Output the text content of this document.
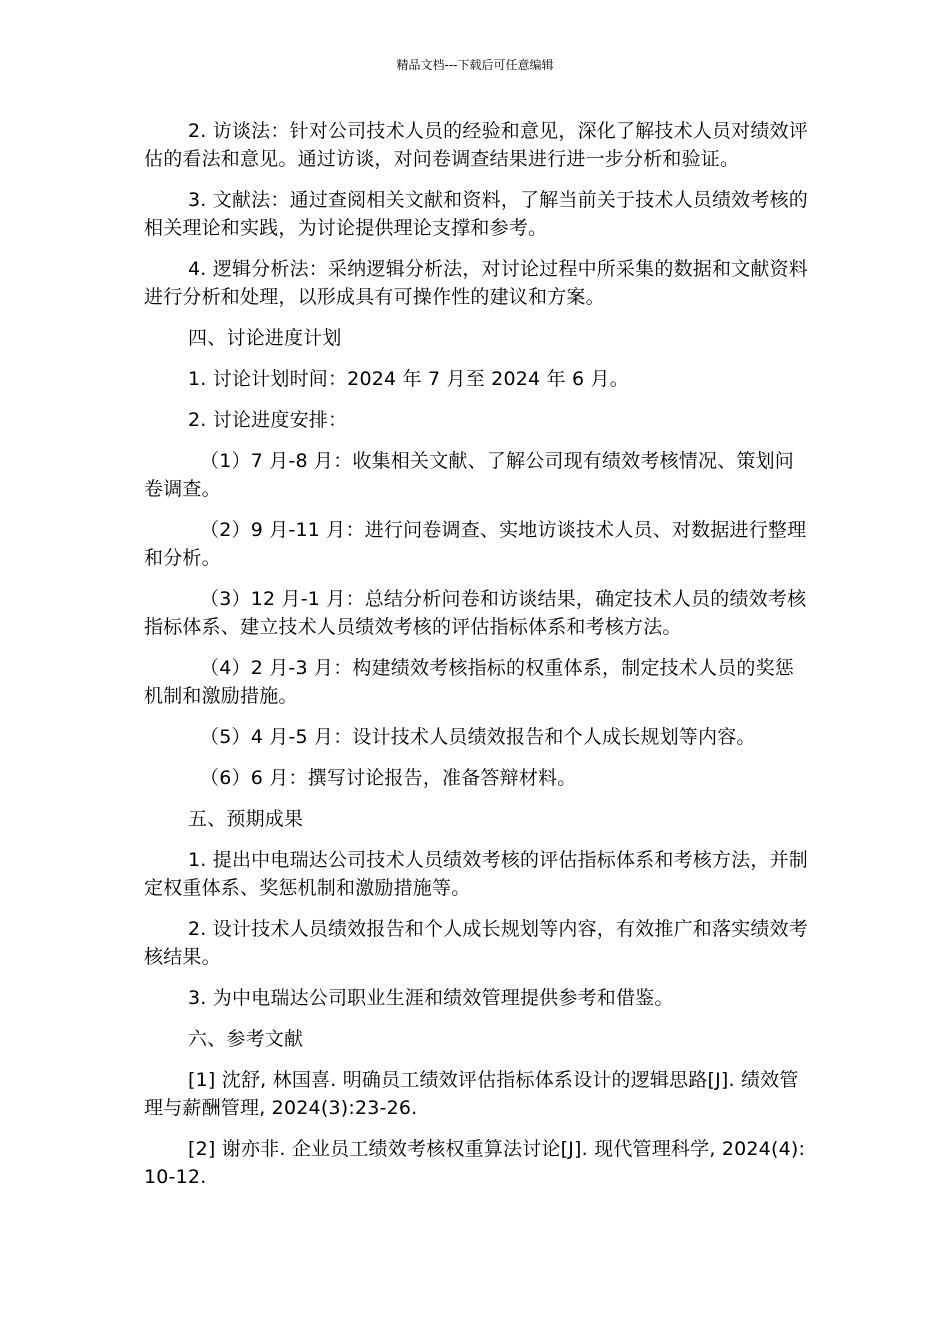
精品文档---下载后可任意编辑

2. 访谈法：针对公司技术人员的经验和意见，深化了解技术人员对绩效评估的看法和意见。通过访谈，对问卷调查结果进行进一步分析和验证。

3. 文献法：通过查阅相关文献和资料，了解当前关于技术人员绩效考核的相关理论和实践，为讨论提供理论支撑和参考。

4. 逻辑分析法：采纳逻辑分析法，对讨论过程中所采集的数据和文献资料进行分析和处理，以形成具有可操作性的建议和方案。

四、讨论进度计划

1. 讨论计划时间：2024 年 7 月至 2024 年 6 月。

2. 讨论进度安排：

（1）7 月-8 月：收集相关文献、了解公司现有绩效考核情况、策划问卷调查。

（2）9 月-11 月：进行问卷调查、实地访谈技术人员、对数据进行整理和分析。

（3）12 月-1 月：总结分析问卷和访谈结果，确定技术人员的绩效考核指标体系、建立技术人员绩效考核的评估指标体系和考核方法。

（4）2 月-3 月：构建绩效考核指标的权重体系，制定技术人员的奖惩机制和激励措施。

（5）4 月-5 月：设计技术人员绩效报告和个人成长规划等内容。

（6）6 月：撰写讨论报告，准备答辩材料。

五、预期成果

1. 提出中电瑞达公司技术人员绩效考核的评估指标体系和考核方法，并制定权重体系、奖惩机制和激励措施等。

2. 设计技术人员绩效报告和个人成长规划等内容，有效推广和落实绩效考核结果。

3. 为中电瑞达公司职业生涯和绩效管理提供参考和借鉴。

六、参考文献

[1] 沈舒, 林国喜. 明确员工绩效评估指标体系设计的逻辑思路[J]. 绩效管理与薪酬管理, 2024(3):23-26.

[2] 谢亦非. 企业员工绩效考核权重算法讨论[J]. 现代管理科学, 2024(4):10-12.
